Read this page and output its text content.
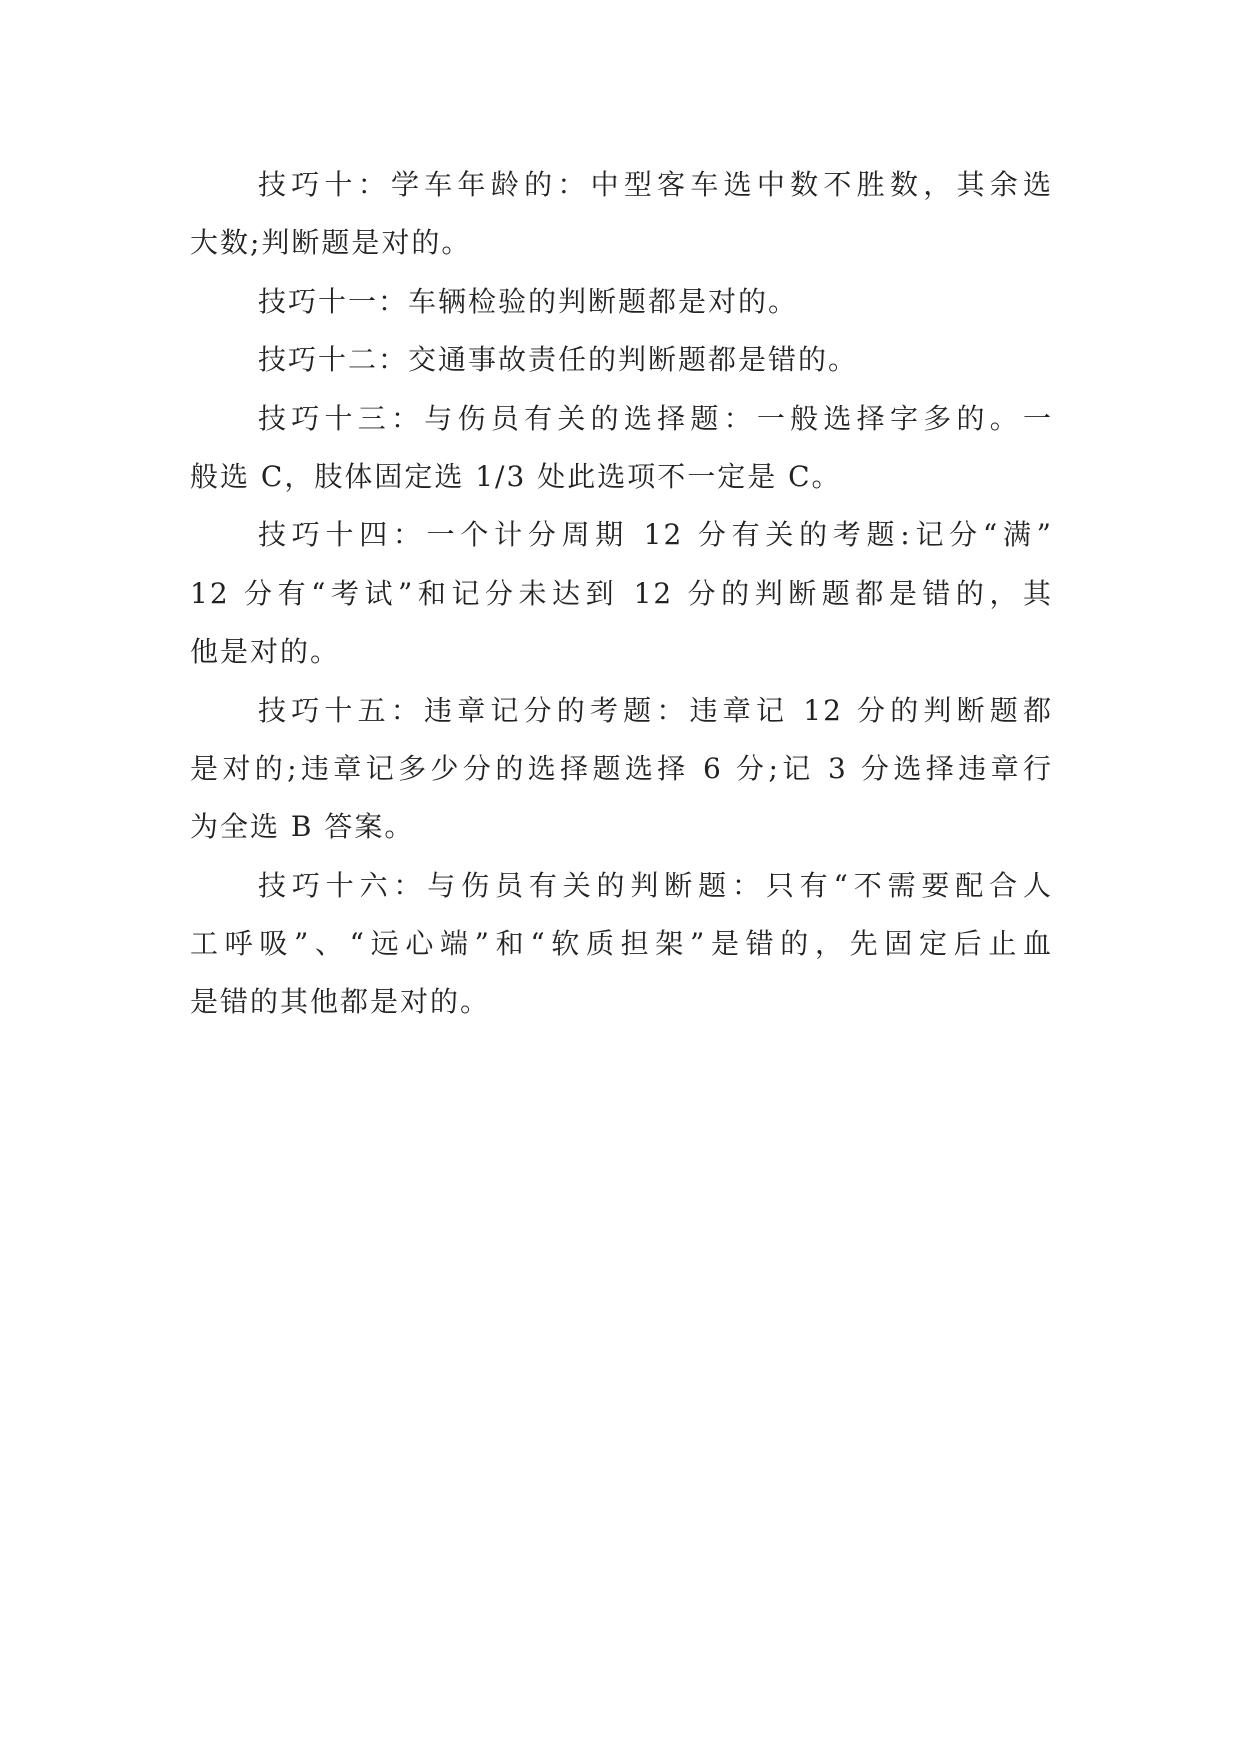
技巧十：学车年龄的：中型客车选中数不胜数，其余选
大数;判断题是对的。
技巧十一：车辆检验的判断题都是对的。
技巧十二：交通事故责任的判断题都是错的。
技巧十三：与伤员有关的选择题：一般选择字多的。一
般选 C，肢体固定选 1/3 处此选项不一定是 C。
技巧十四：一个计分周期 12 分有关的考题:记分“满”
12 分有“考试”和记分未达到 12 分的判断题都是错的，其
他是对的。
技巧十五：违章记分的考题：违章记 12 分的判断题都
是对的;违章记多少分的选择题选择 6 分;记 3 分选择违章行
为全选 B 答案。
技巧十六：与伤员有关的判断题：只有“不需要配合人
工呼吸”、“远心端”和“软质担架”是错的，先固定后止血
是错的其他都是对的。
